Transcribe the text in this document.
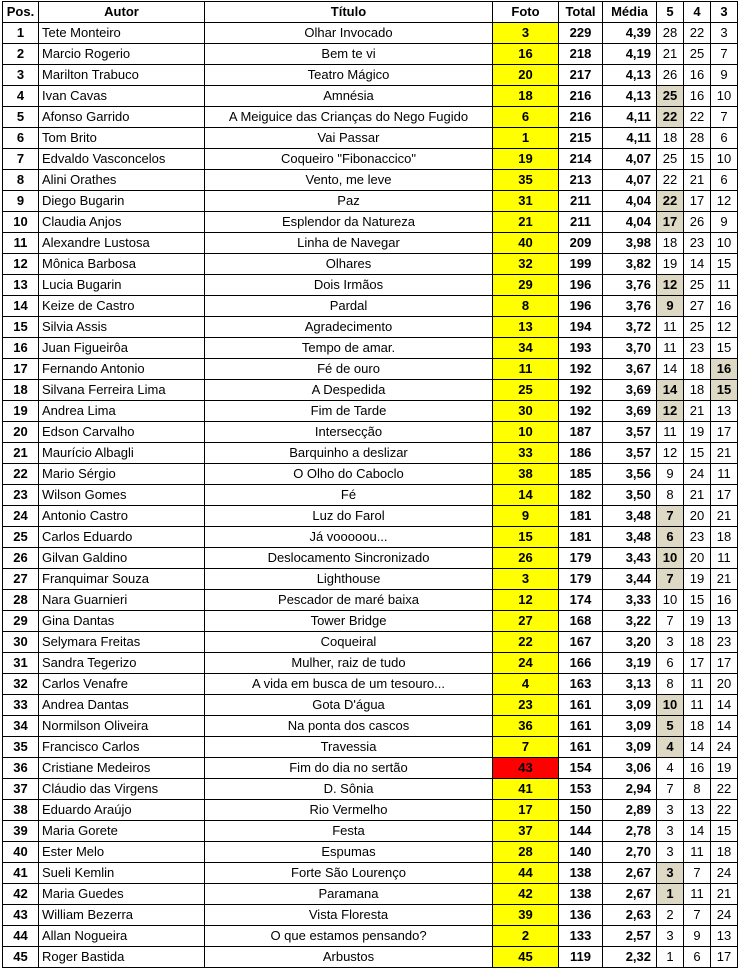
Pos.	Autor	Título	Foto	Total	Média	5	4	3
1	Tete Monteiro	Olhar Invocado	3	229	4,39	28	22	3
2	Marcio Rogerio	Bem te vi	16	218	4,19	21	25	7
3	Marilton Trabuco	Teatro Mágico	20	217	4,13	26	16	9
4	Ivan Cavas	Amnésia	18	216	4,13	25	16	10
5	Afonso Garrido	A Meiguice das Crianças do Nego Fugido	6	216	4,11	22	22	7
6	Tom Brito	Vai Passar	1	215	4,11	18	28	6
7	Edvaldo Vasconcelos	Coqueiro "Fibonaccico"	19	214	4,07	25	15	10
8	Alini Orathes	Vento, me leve	35	213	4,07	22	21	6
9	Diego Bugarin	Paz	31	211	4,04	22	17	12
10	Claudia Anjos	Esplendor da Natureza	21	211	4,04	17	26	9
11	Alexandre Lustosa	Linha de Navegar	40	209	3,98	18	23	10
12	Mônica Barbosa	Olhares	32	199	3,82	19	14	15
13	Lucia Bugarin	Dois Irmãos	29	196	3,76	12	25	11
14	Keize de Castro	Pardal	8	196	3,76	9	27	16
15	Silvia Assis	Agradecimento	13	194	3,72	11	25	12
16	Juan Figueirôa	Tempo de amar.	34	193	3,70	11	23	15
17	Fernando Antonio	Fé de ouro	11	192	3,67	14	18	16
18	Silvana Ferreira Lima	A Despedida	25	192	3,69	14	18	15
19	Andrea Lima	Fim de Tarde	30	192	3,69	12	21	13
20	Edson Carvalho	Intersecção	10	187	3,57	11	19	17
21	Maurício Albagli	Barquinho a deslizar	33	186	3,57	12	15	21
22	Mario Sérgio	O Olho do Caboclo	38	185	3,56	9	24	11
23	Wilson Gomes	Fé	14	182	3,50	8	21	17
24	Antonio Castro	Luz do Farol	9	181	3,48	7	20	21
25	Carlos Eduardo	Já vooooou...	15	181	3,48	6	23	18
26	Gilvan Galdino	Deslocamento Sincronizado	26	179	3,43	10	20	11
27	Franquimar Souza	Lighthouse	3	179	3,44	7	19	21
28	Nara Guarnieri	Pescador de maré baixa	12	174	3,33	10	15	16
29	Gina Dantas	Tower Bridge	27	168	3,22	7	19	13
30	Selymara Freitas	Coqueiral	22	167	3,20	3	18	23
31	Sandra Tegerizo	Mulher, raiz de tudo	24	166	3,19	6	17	17
32	Carlos Venafre	A vida em busca de um tesouro...	4	163	3,13	8	11	20
33	Andrea Dantas	Gota D'água	23	161	3,09	10	11	14
34	Normilson Oliveira	Na ponta dos cascos	36	161	3,09	5	18	14
35	Francisco Carlos	Travessia	7	161	3,09	4	14	24
36	Cristiane Medeiros	Fim do dia no sertão	43	154	3,06	4	16	19
37	Cláudio das Virgens	D. Sônia	41	153	2,94	7	8	22
38	Eduardo Araújo	Rio Vermelho	17	150	2,89	3	13	22
39	Maria Gorete	Festa	37	144	2,78	3	14	15
40	Ester Melo	Espumas	28	140	2,70	3	11	18
41	Sueli Kemlin	Forte São Lourenço	44	138	2,67	3	7	24
42	Maria Guedes	Paramana	42	138	2,67	1	11	21
43	William Bezerra	Vista Floresta	39	136	2,63	2	7	24
44	Allan Nogueira	O que estamos pensando?	2	133	2,57	3	9	13
45	Roger Bastida	Arbustos	45	119	2,32	1	6	17
